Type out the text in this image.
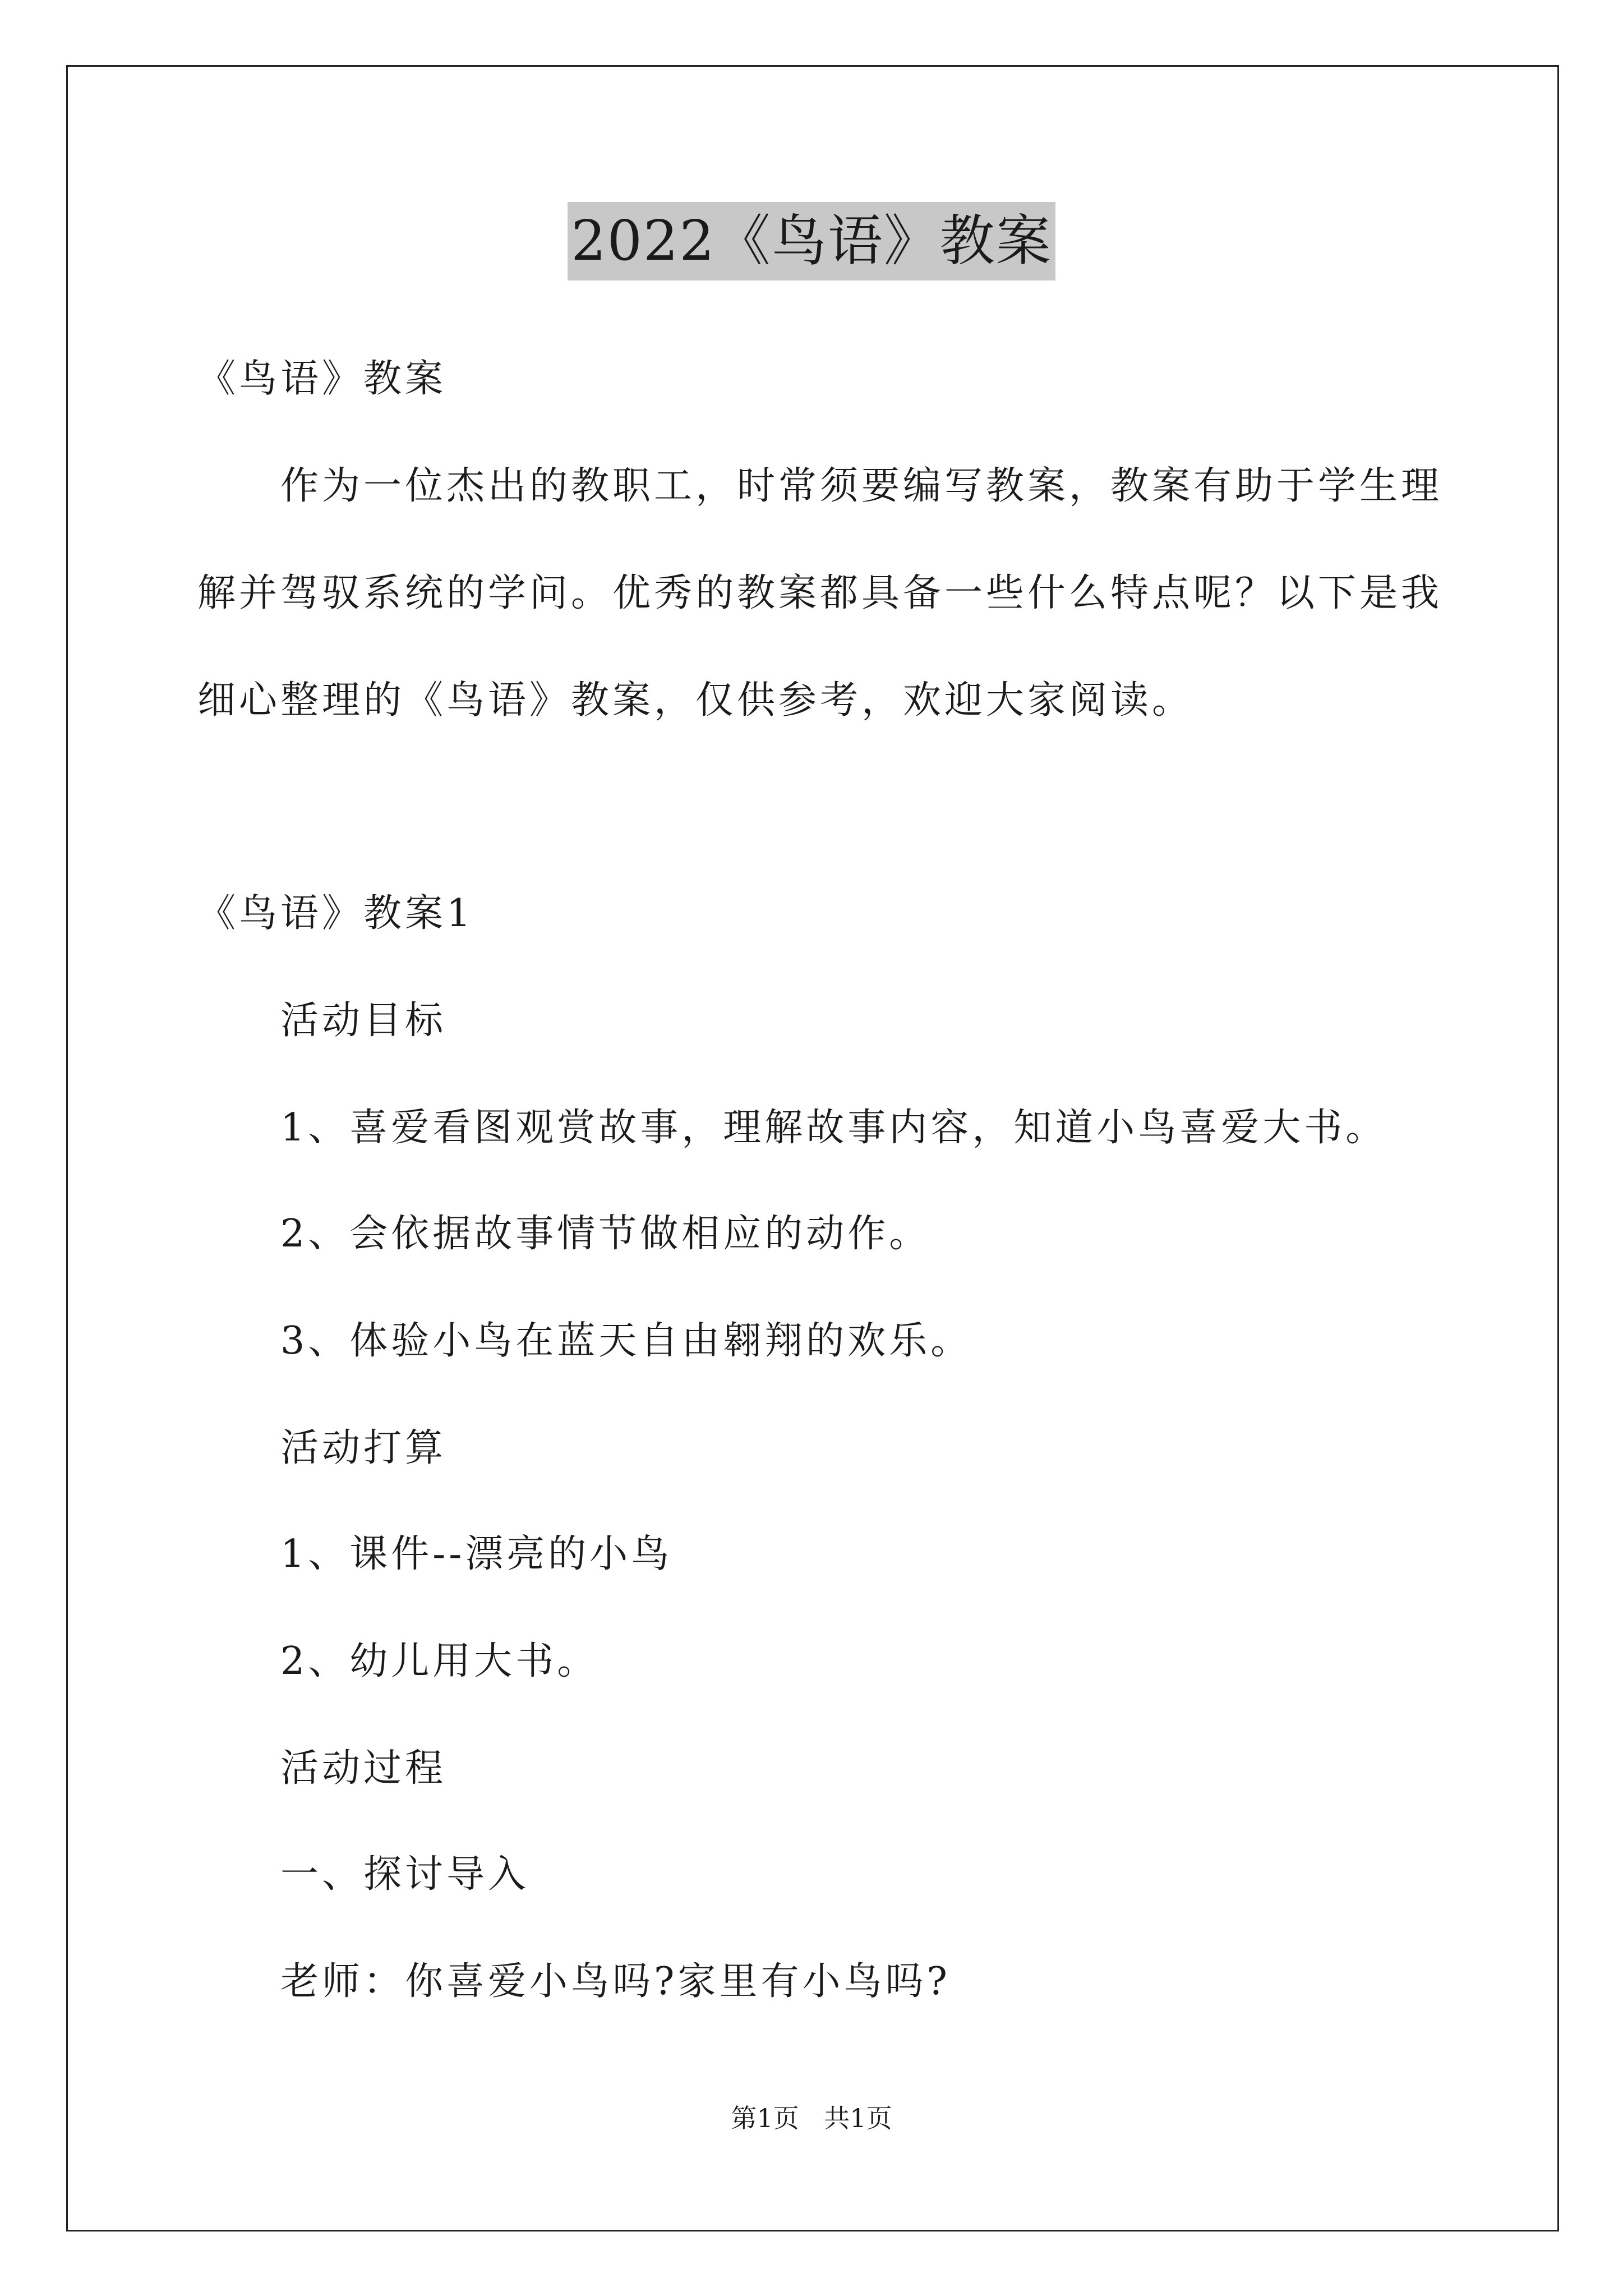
2022《鸟语》教案
《鸟语》教案
作为一位杰出的教职工，时常须要编写教案，教案有助于学生理
解并驾驭系统的学问。优秀的教案都具备一些什么特点呢？以下是我
细心整理的《鸟语》教案，仅供参考，欢迎大家阅读。
《鸟语》教案1
活动目标
1、喜爱看图观赏故事，理解故事内容，知道小鸟喜爱大书。
2、会依据故事情节做相应的动作。
3、体验小鸟在蓝天自由翱翔的欢乐。
活动打算
1、课件--漂亮的小鸟
2、幼儿用大书。
活动过程
一、探讨导入
老师：你喜爱小鸟吗?家里有小鸟吗?
第1页 共1页
